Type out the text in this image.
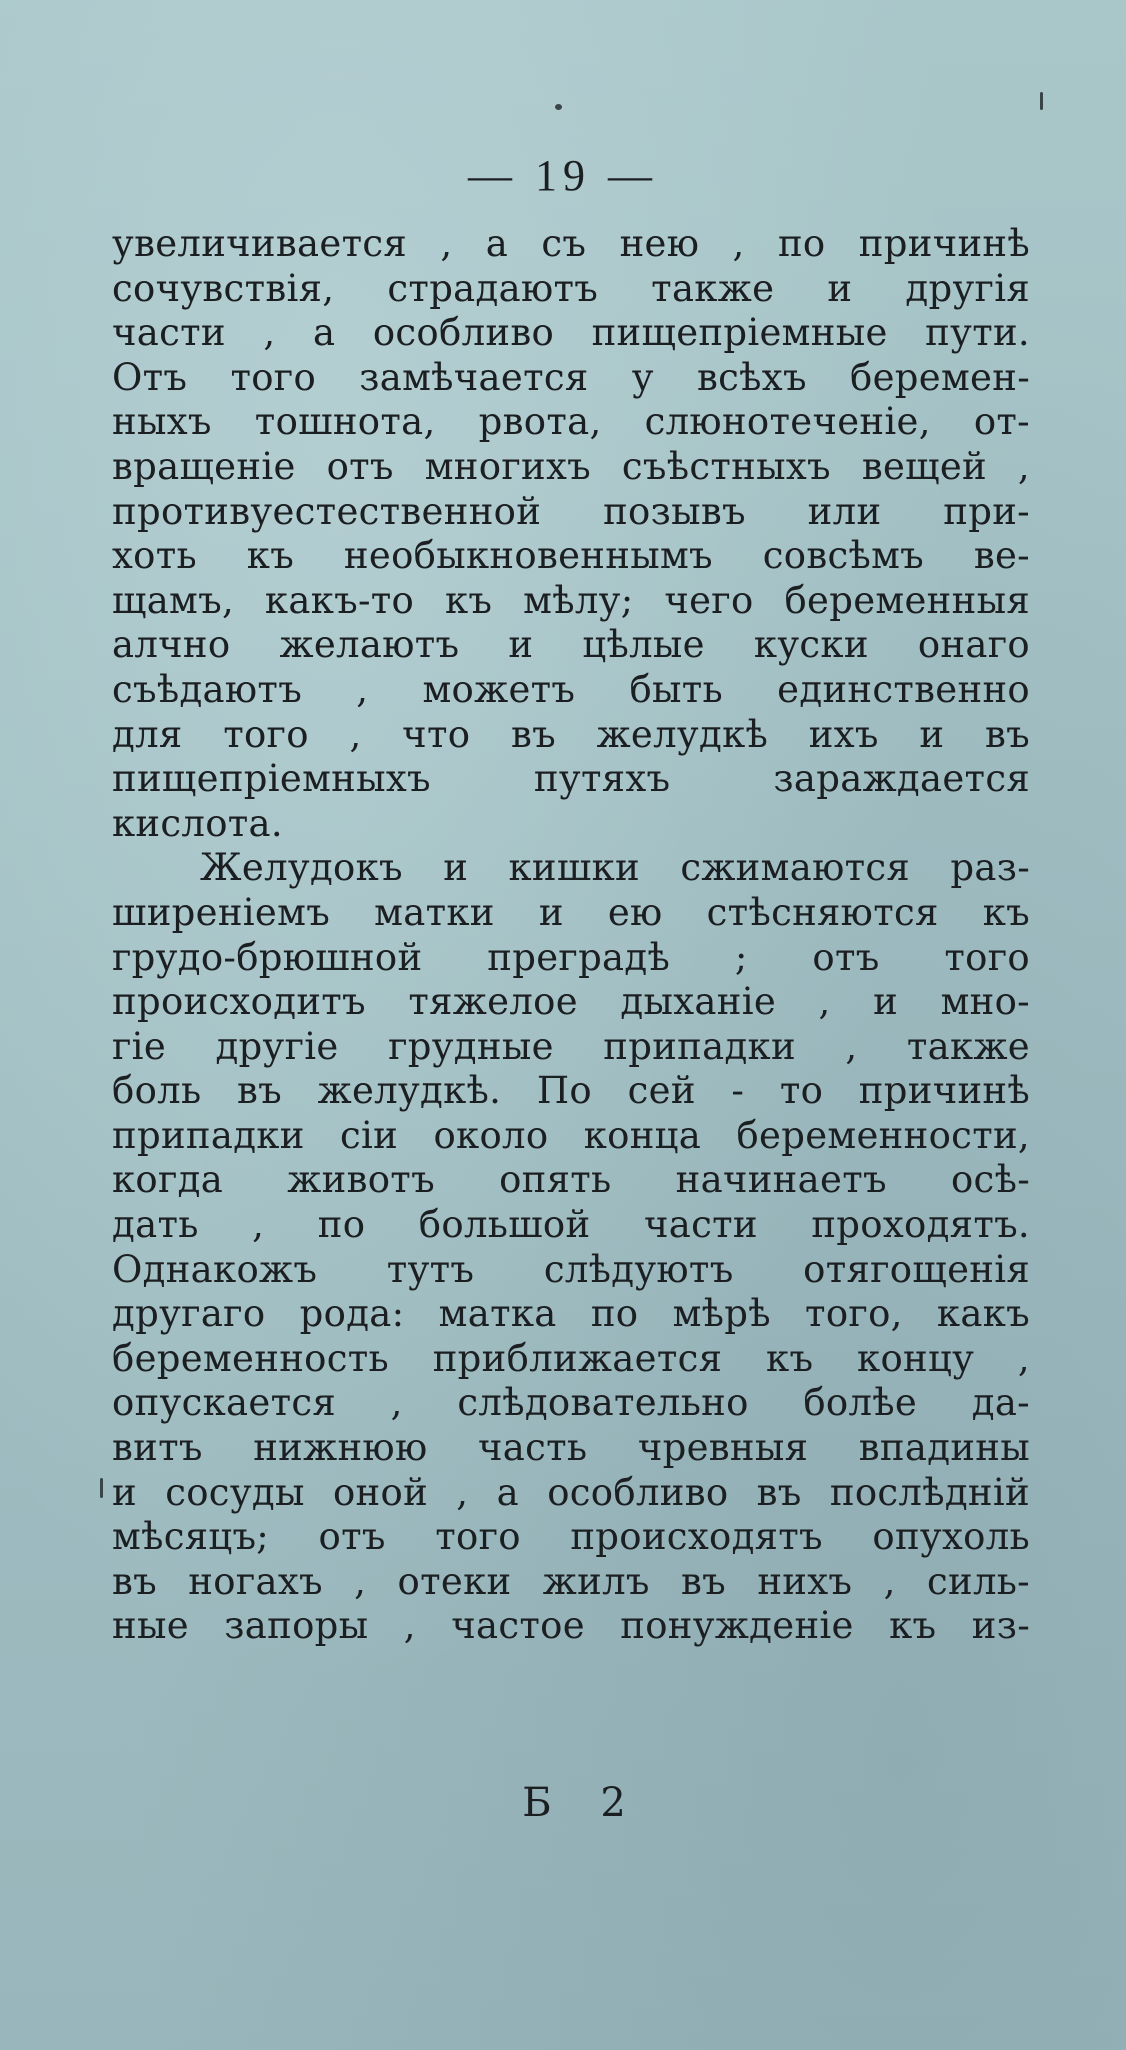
— 19 —
увеличивается , а съ нею , по причинѣ
сочувствія, страдаютъ также и другія
части , а особливо пищепріемные пути.
Отъ того замѣчается у всѣхъ беремен-
ныхъ тошнота, рвота, слюнотеченіе, от-
вращеніе отъ многихъ съѣстныхъ вещей ,
противуестественной позывъ или при-
хоть къ необыкновеннымъ совсѣмъ ве-
щамъ, какъ-то къ мѣлу; чего беременныя
алчно желаютъ и цѣлые куски онаго
съѣдаютъ , можетъ быть единственно
для того , что въ желудкѣ ихъ и въ
пищепріемныхъ путяхъ зараждается
кислота.
Желудокъ и кишки сжимаются раз-
ширеніемъ матки и ею стѣсняются къ
грудо-брюшной преградѣ ; отъ того
происходитъ тяжелое дыханіе , и мно-
гіе другіе грудные припадки , также
боль въ желудкѣ. По сей - то причинѣ
припадки сіи около конца беременности,
когда животъ опять начинаетъ осѣ-
дать , по большой части проходятъ.
Однакожъ тутъ слѣдуютъ отягощенія
другаго рода: матка по мѣрѣ того, какъ
беременность приближается къ концу ,
опускается , слѣдовательно болѣе да-
витъ нижнюю часть чревныя впадины
и сосуды оной , а особливо въ послѣдній
мѣсяцъ; отъ того происходятъ опухоль
въ ногахъ , отеки жилъ въ нихъ , силь-
ные запоры , частое понужденіе къ из-
Б 2
